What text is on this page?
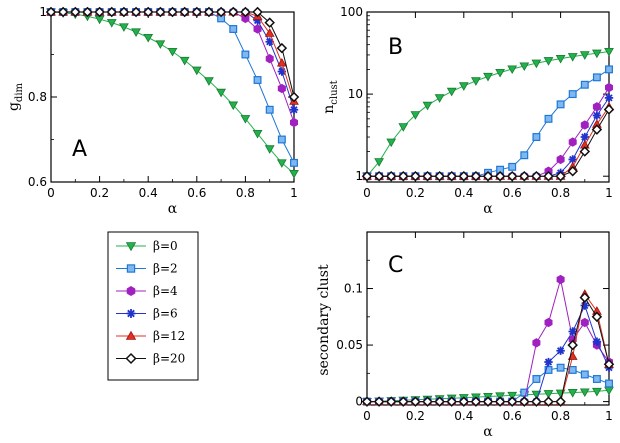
0	0.2 0.4 0.6 0.8	1
0.6
0.8
1
α
$g_{dim}$
A
0	0.2 0.4 0.6 0.8	1
1
10
100
α
$n_{clust}$
B
0	0.2 0.4 0.6 0.8	1
0
0.05
0.1
α
secondary clust	C
β=0
β=2
β=4
β=6
β=12
β=20
